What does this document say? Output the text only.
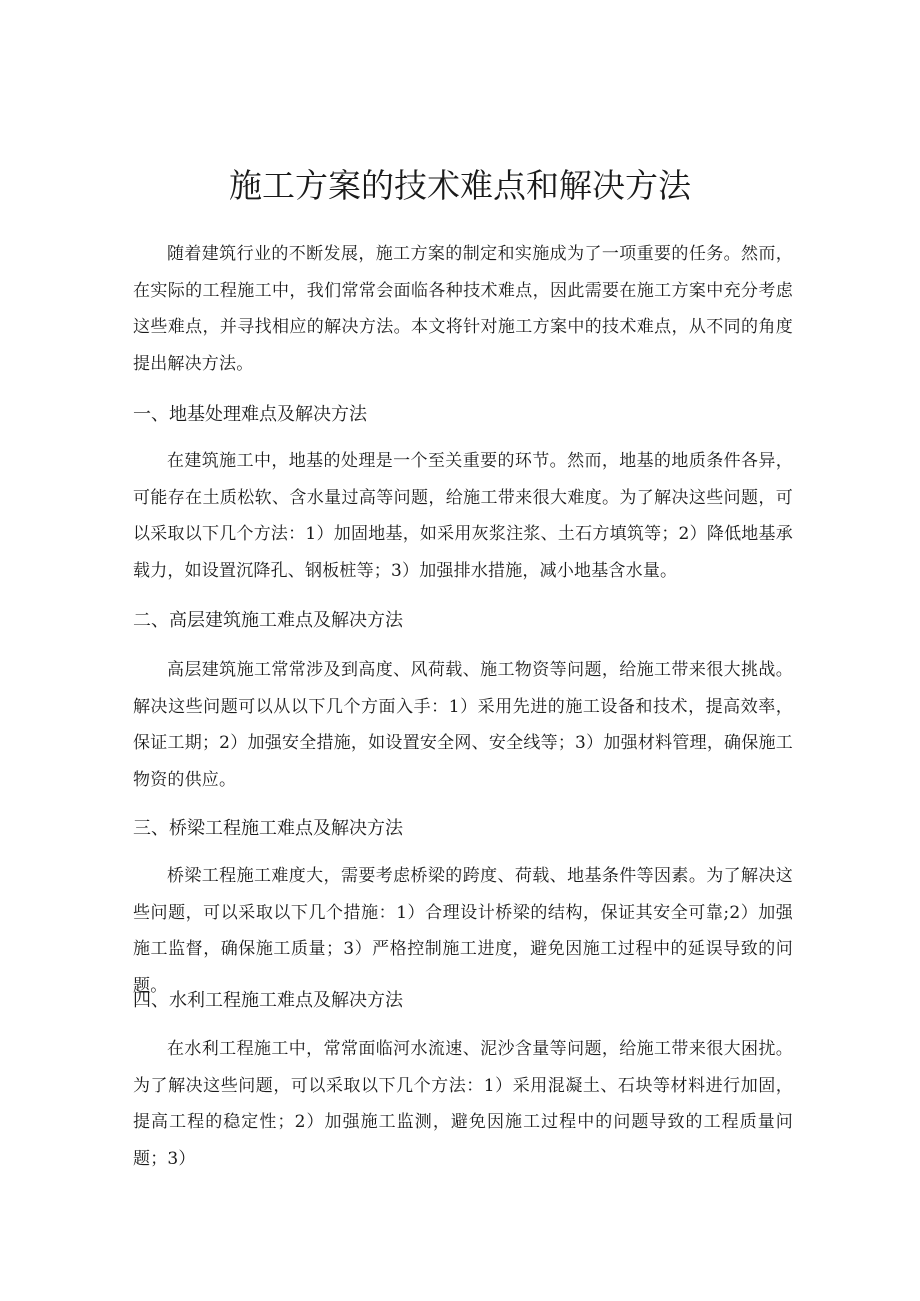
施工方案的技术难点和解决方法

随着建筑行业的不断发展，施工方案的制定和实施成为了一项重要的任务。然而，在实际的工程施工中，我们常常会面临各种技术难点，因此需要在施工方案中充分考虑这些难点，并寻找相应的解决方法。本文将针对施工方案中的技术难点，从不同的角度提出解决方法。

一、地基处理难点及解决方法

在建筑施工中，地基的处理是一个至关重要的环节。然而，地基的地质条件各异，可能存在土质松软、含水量过高等问题，给施工带来很大难度。为了解决这些问题，可以采取以下几个方法：1）加固地基，如采用灰浆注浆、土石方填筑等；2）降低地基承载力，如设置沉降孔、钢板桩等；3）加强排水措施，减小地基含水量。

二、高层建筑施工难点及解决方法

高层建筑施工常常涉及到高度、风荷载、施工物资等问题，给施工带来很大挑战。解决这些问题可以从以下几个方面入手：1）采用先进的施工设备和技术，提高效率，保证工期；2）加强安全措施，如设置安全网、安全线等；3）加强材料管理，确保施工物资的供应。

三、桥梁工程施工难点及解决方法

桥梁工程施工难度大，需要考虑桥梁的跨度、荷载、地基条件等因素。为了解决这些问题，可以采取以下几个措施：1）合理设计桥梁的结构，保证其安全可靠;2）加强施工监督，确保施工质量；3）严格控制施工进度，避免因施工过程中的延误导致的问题。

四、水利工程施工难点及解决方法

在水利工程施工中，常常面临河水流速、泥沙含量等问题，给施工带来很大困扰。为了解决这些问题，可以采取以下几个方法：1）采用混凝土、石块等材料进行加固，提高工程的稳定性；2）加强施工监测，避免因施工过程中的问题导致的工程质量问题；3）
